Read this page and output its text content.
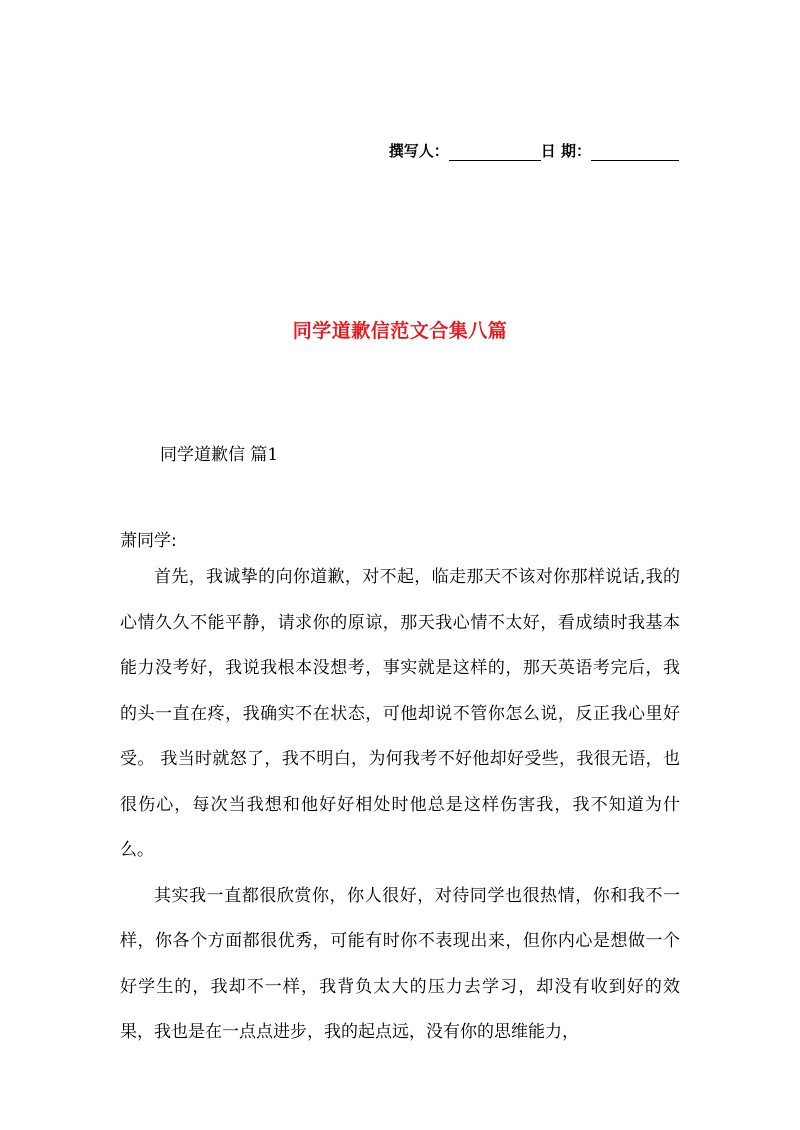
撰写人：	日 期：
同学道歉信范文合集八篇
同学道歉信 篇1
萧同学:

首先，我诚挚的向你道歉，对不起，临走那天不该对你那样说话,我的心情久久不能平静，请求你的原谅，那天我心情不太好，看成绩时我基本能力没考好，我说我根本没想考，事实就是这样的，那天英语考完后，我的头一直在疼，我确实不在状态，可他却说不管你怎么说，反正我心里好受。 我当时就怒了，我不明白，为何我考不好他却好受些，我很无语，也很伤心，每次当我想和他好好相处时他总是这样伤害我，我不知道为什么。

其实我一直都很欣赏你，你人很好，对待同学也很热情，你和我不一样，你各个方面都很优秀，可能有时你不表现出来，但你内心是想做一个好学生的，我却不一样，我背负太大的压力去学习，却没有收到好的效果，我也是在一点点进步，我的起点远，没有你的思维能力，
